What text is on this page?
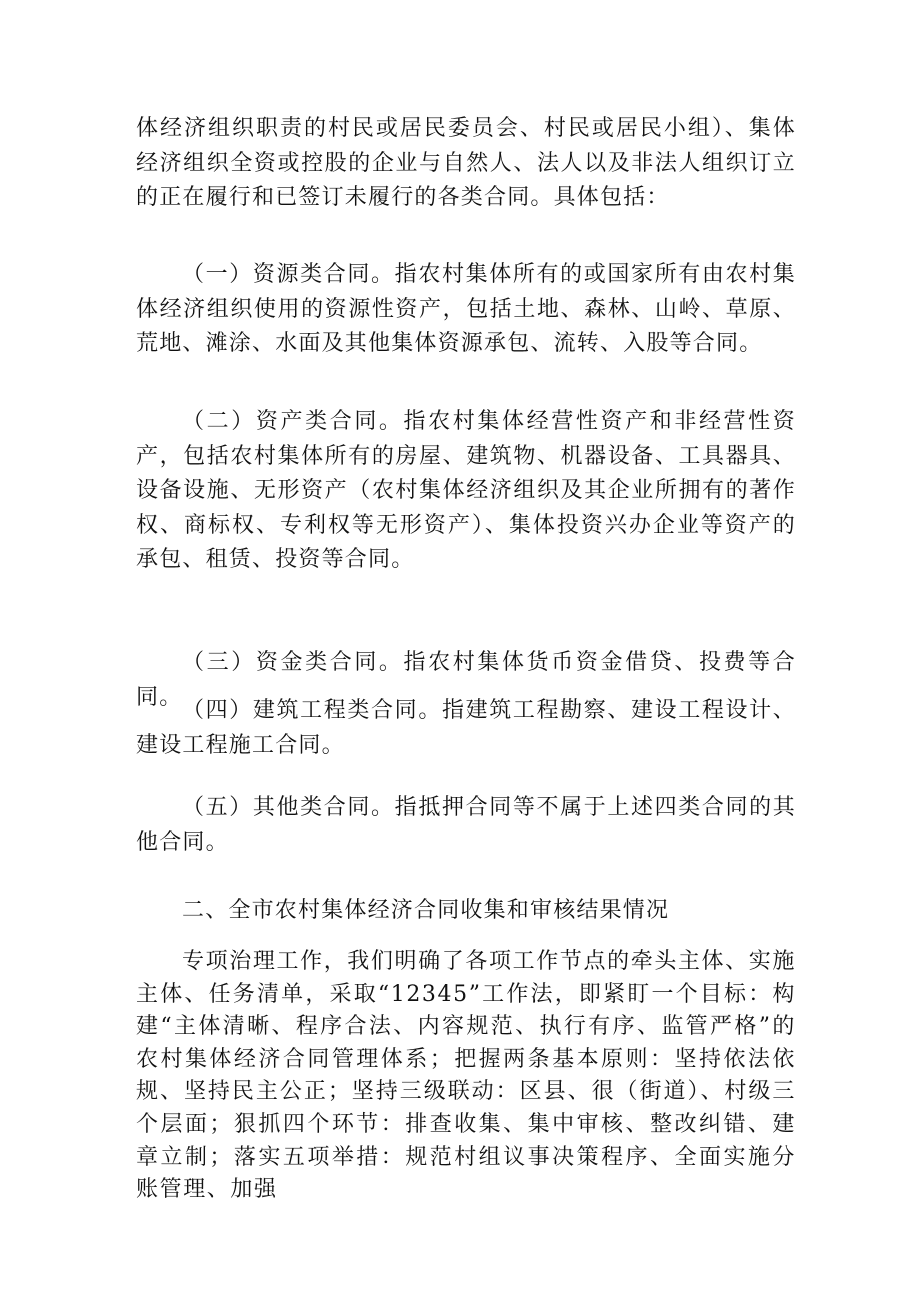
体经济组织职责的村民或居民委员会、村民或居民小组）、集体经济组织全资或控股的企业与自然人、法人以及非法人组织订立的正在履行和已签订未履行的各类合同。具体包括：

（一）资源类合同。指农村集体所有的或国家所有由农村集体经济组织使用的资源性资产，包括土地、森林、山岭、草原、荒地、滩涂、水面及其他集体资源承包、流转、入股等合同。

（二）资产类合同。指农村集体经营性资产和非经营性资产，包括农村集体所有的房屋、建筑物、机器设备、工具器具、设备设施、无形资产（农村集体经济组织及其企业所拥有的著作权、商标权、专利权等无形资产）、集体投资兴办企业等资产的承包、租赁、投资等合同。

（三）资金类合同。指农村集体货币资金借贷、投费等合同。

（四）建筑工程类合同。指建筑工程勘察、建设工程设计、建设工程施工合同。

（五）其他类合同。指抵押合同等不属于上述四类合同的其他合同。

二、全市农村集体经济合同收集和审核结果情况

专项治理工作，我们明确了各项工作节点的牵头主体、实施主体、任务清单，采取“12345”工作法，即紧盯一个目标：构建“主体清晰、程序合法、内容规范、执行有序、监管严格”的农村集体经济合同管理体系；把握两条基本原则：坚持依法依规、坚持民主公正；坚持三级联动：区县、很（街道）、村级三个层面；狠抓四个环节：排查收集、集中审核、整改纠错、建章立制；落实五项举措：规范村组议事决策程序、全面实施分账管理、加强
